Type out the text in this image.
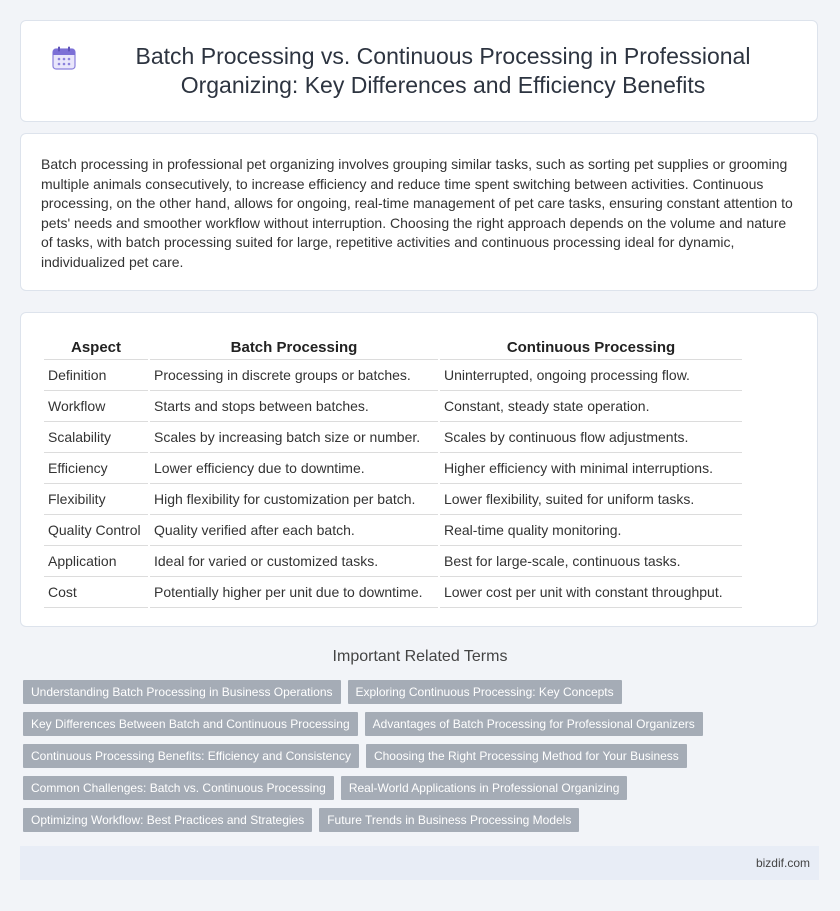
Batch Processing vs. Continuous Processing in Professional Organizing: Key Differences and Efficiency Benefits

Batch processing in professional pet organizing involves grouping similar tasks, such as sorting pet supplies or grooming multiple animals consecutively, to increase efficiency and reduce time spent switching between activities. Continuous processing, on the other hand, allows for ongoing, real-time management of pet care tasks, ensuring constant attention to pets' needs and smoother workflow without interruption. Choosing the right approach depends on the volume and nature of tasks, with batch processing suited for large, repetitive activities and continuous processing ideal for dynamic, individualized pet care.

Aspect	Batch Processing	Continuous Processing
Definition	Processing in discrete groups or batches.	Uninterrupted, ongoing processing flow.
Workflow	Starts and stops between batches.	Constant, steady state operation.
Scalability	Scales by increasing batch size or number.	Scales by continuous flow adjustments.
Efficiency	Lower efficiency due to downtime.	Higher efficiency with minimal interruptions.
Flexibility	High flexibility for customization per batch.	Lower flexibility, suited for uniform tasks.
Quality Control	Quality verified after each batch.	Real-time quality monitoring.
Application	Ideal for varied or customized tasks.	Best for large-scale, continuous tasks.
Cost	Potentially higher per unit due to downtime.	Lower cost per unit with constant throughput.
Important Related Terms
Understanding Batch Processing in Business Operations	Exploring Continuous Processing: Key Concepts
Key Differences Between Batch and Continuous Processing	Advantages of Batch Processing for Professional Organizers
Continuous Processing Benefits: Efficiency and Consistency	Choosing the Right Processing Method for Your Business
Common Challenges: Batch vs. Continuous Processing	Real-World Applications in Professional Organizing
Optimizing Workflow: Best Practices and Strategies	Future Trends in Business Processing Models
bizdif.com
